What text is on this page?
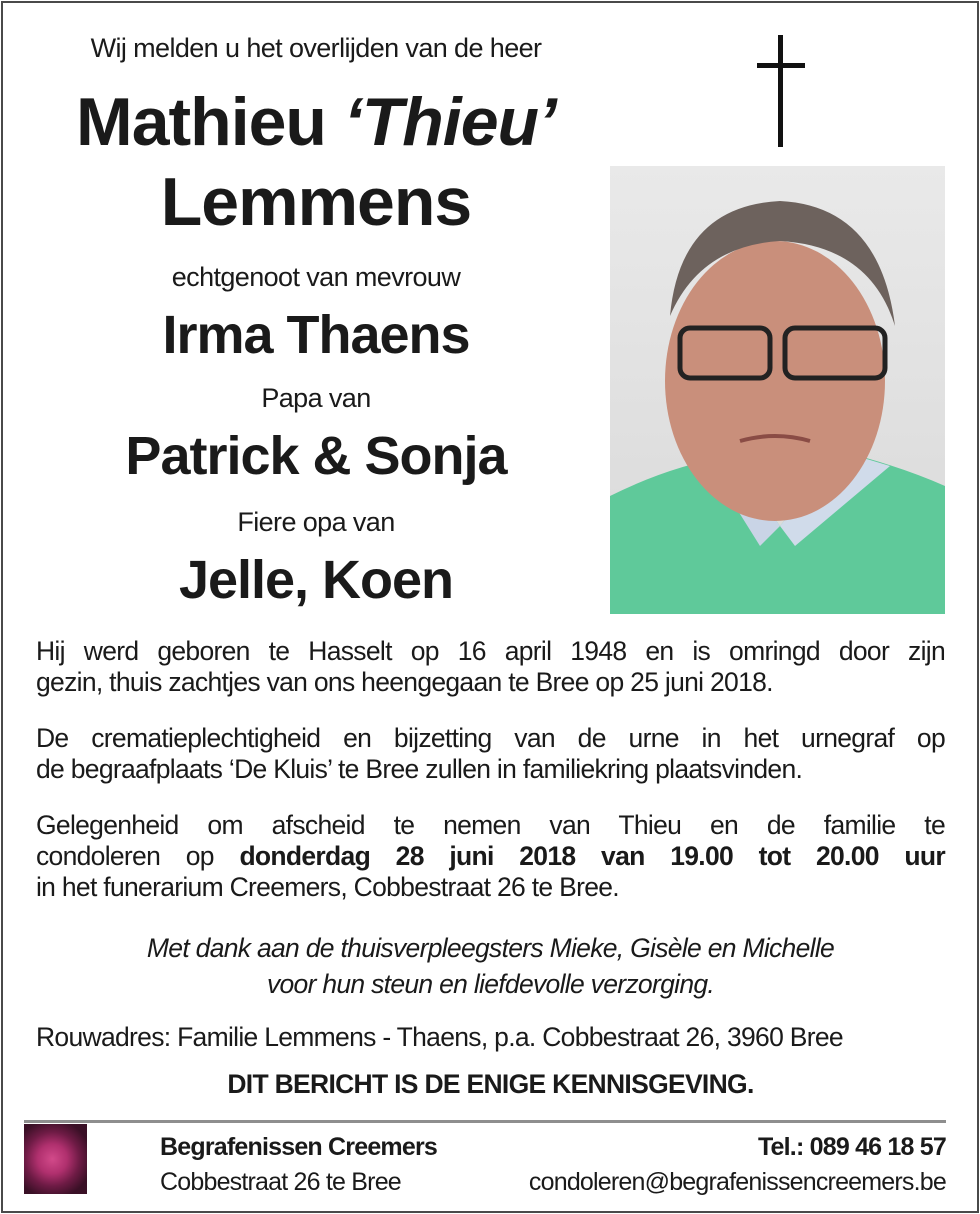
Wij melden u het overlijden van de heer
Mathieu ‘Thieu’
Lemmens
echtgenoot van mevrouw
Irma Thaens
Papa van
Patrick & Sonja
Fiere opa van
Jelle, Koen
Hij werd geboren te Hasselt op 16 april 1948 en is omringd door zijn
gezin, thuis zachtjes van ons heengegaan te Bree op 25 juni 2018.
De crematieplechtigheid en bijzetting van de urne in het urnegraf op
de begraafplaats ‘De Kluis’ te Bree zullen in familiekring plaatsvinden.
Gelegenheid om afscheid te nemen van Thieu en de familie te
condoleren op donderdag 28 juni 2018 van 19.00 tot 20.00 uur
in het funerarium Creemers, Cobbestraat 26 te Bree.
Met dank aan de thuisverpleegsters Mieke, Gisèle en Michelle
voor hun steun en liefdevolle verzorging.
Rouwadres: Familie Lemmens - Thaens, p.a. Cobbestraat 26, 3960 Bree
DIT BERICHT IS DE ENIGE KENNISGEVING.
Begrafenissen Creemers
Cobbestraat 26 te Bree
Tel.: 089 46 18 57
condoleren@begrafenissencreemers.be
